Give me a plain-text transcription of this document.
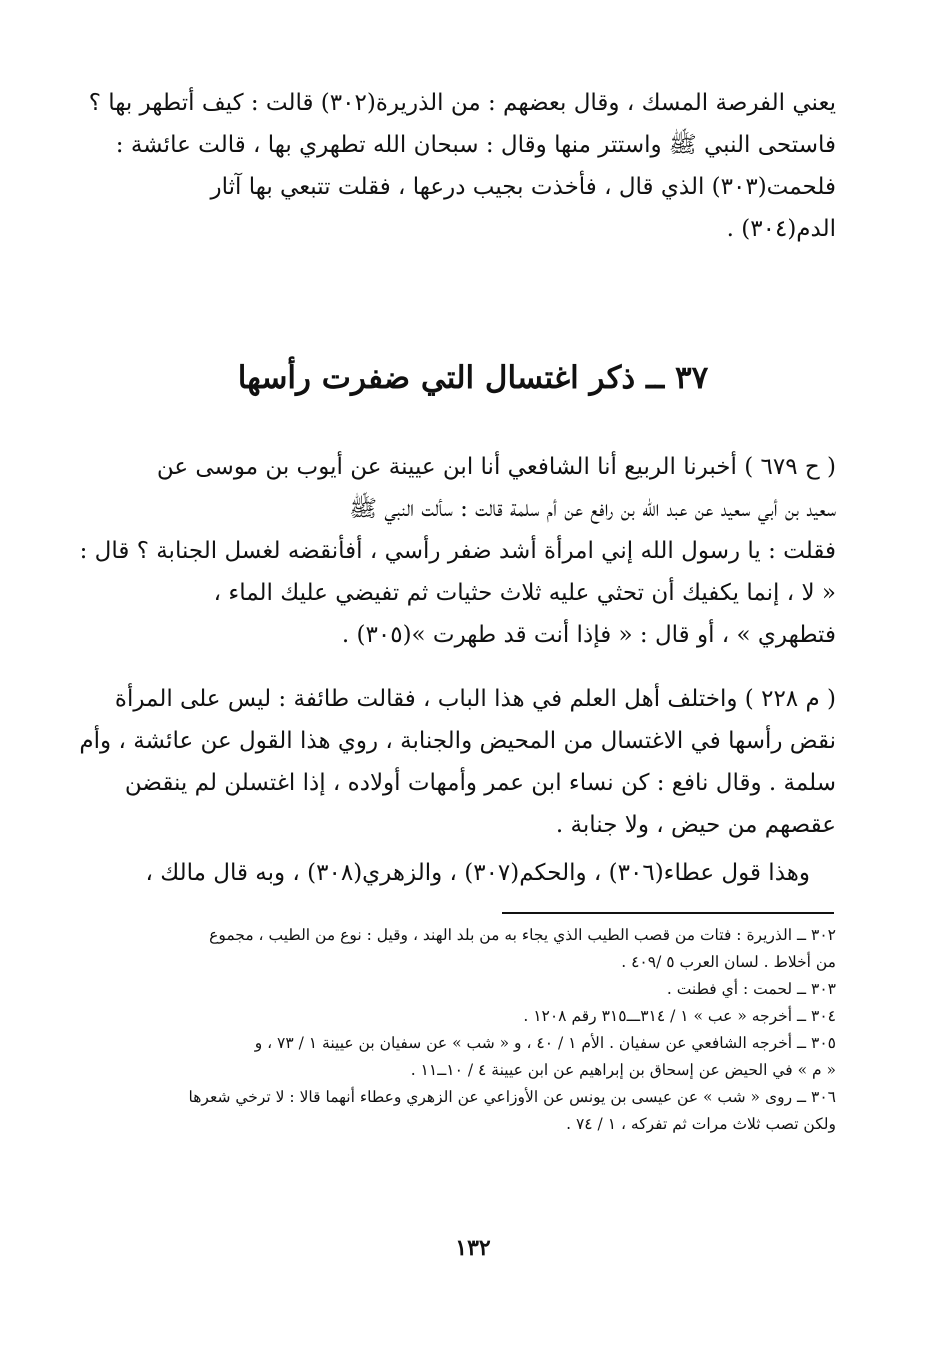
يعني الفرصة المسك ، وقال بعضهم : من الذريرة(٣٠٢) قالت : كيف أتطهر بها ؟
فاستحى النبي ﷺ واستتر منها وقال : سبحان الله تطهري بها ، قالت عائشة :
فلحمت(٣٠٣) الذي قال ، فأخذت بجيب درعها ، فقلت تتبعي بها آثار
الدم(٣٠٤) .
٣٧ ــ ذكر اغتسال التي ضفرت رأسها
( ح ٦٧٩ ) أخبرنا الربيع أنا الشافعي أنا ابن عيينة عن أيوب بن موسى عن
سعيد بن أبي سعيد عن عبد الله بن رافع عن أم سلمة قالت : سألت النبي ﷺ
فقلت : يا رسول الله إني امرأة أشد ضفر رأسي ، أفأنقضه لغسل الجنابة ؟ قال :
« لا ، إنما يكفيك أن تحثي عليه ثلاث حثيات ثم تفيضي عليك الماء ،
فتطهري » ، أو قال : « فإذا أنت قد طهرت »(٣٠٥) .
( م ٢٢٨ ) واختلف أهل العلم في هذا الباب ، فقالت طائفة : ليس على المرأة
نقض رأسها في الاغتسال من المحيض والجنابة ، روي هذا القول عن عائشة ، وأم
سلمة . وقال نافع : كن نساء ابن عمر وأمهات أولاده ، إذا اغتسلن لم ينقضن
عقصهم من حيض ، ولا جنابة .
وهذا قول عطاء(٣٠٦) ، والحكم(٣٠٧) ، والزهري(٣٠٨) ، وبه قال مالك ،
٣٠٢ ــ الذريرة : فتات من قصب الطيب الذي يجاء به من بلد الهند ، وقيل : نوع من الطيب ، مجموع
من أخلاط . لسان العرب ٥ /٤٠٩ .
٣٠٣ ــ لحمت : أي فطنت .
٣٠٤ ــ أخرجه « عب » ١ / ٣١٤ـــ٣١٥ رقم ١٢٠٨ .
٣٠٥ ــ أخرجه الشافعي عن سفيان . الأم ١ / ٤٠ ، و « شب » عن سفيان بن عيينة ١ / ٧٣ ، و
« م » في الحيض عن إسحاق بن إبراهيم عن ابن عيينة ٤ / ١٠ــ١١ .
٣٠٦ ــ روى « شب » عن عيسى بن يونس عن الأوزاعي عن الزهري وعطاء أنهما قالا : لا ترخي شعرها
ولكن تصب ثلاث مرات ثم تفركه ، ١ / ٧٤ .
١٣٢
